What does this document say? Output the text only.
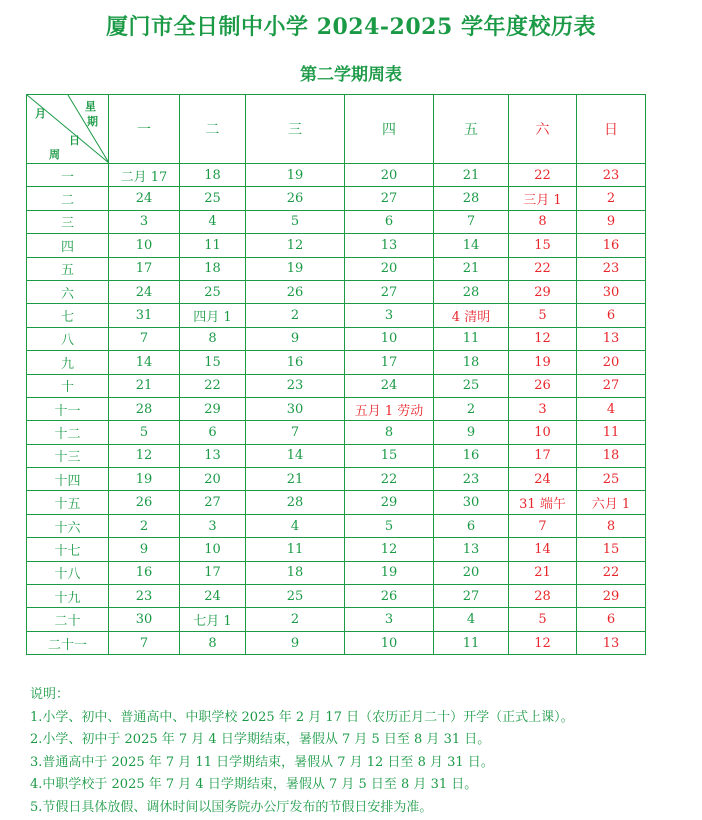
厦门市全日制中小学 2024-2025 学年度校历表
第二学期周表
月
日
周
星
期	一	二	三	四	五	六	日
一	二月 17	18	19	20	21	22	23
二	24	25	26	27	28	三月 1	2
三	3	4	5	6	7	8	9
四	10	11	12	13	14	15	16
五	17	18	19	20	21	22	23
六	24	25	26	27	28	29	30
七	31	四月 1	2	3	4 清明	5	6
八	7	8	9	10	11	12	13
九	14	15	16	17	18	19	20
十	21	22	23	24	25	26	27
十一	28	29	30	五月 1 劳动	2	3	4
十二	5	6	7	8	9	10	11
十三	12	13	14	15	16	17	18
十四	19	20	21	22	23	24	25
十五	26	27	28	29	30	31 端午	六月 1
十六	2	3	4	5	6	7	8
十七	9	10	11	12	13	14	15
十八	16	17	18	19	20	21	22
十九	23	24	25	26	27	28	29
二十	30	七月 1	2	3	4	5	6
二十一	7	8	9	10	11	12	13
说明：
1.小学、初中、普通高中、中职学校 2025 年 2 月 17 日（农历正月二十）开学（正式上课）。
2.小学、初中于 2025 年 7 月 4 日学期结束，暑假从 7 月 5 日至 8 月 31 日。
3.普通高中于 2025 年 7 月 11 日学期结束，暑假从 7 月 12 日至 8 月 31 日。
4.中职学校于 2025 年 7 月 4 日学期结束，暑假从 7 月 5 日至 8 月 31 日。
5.节假日具体放假、调休时间以国务院办公厅发布的节假日安排为准。
